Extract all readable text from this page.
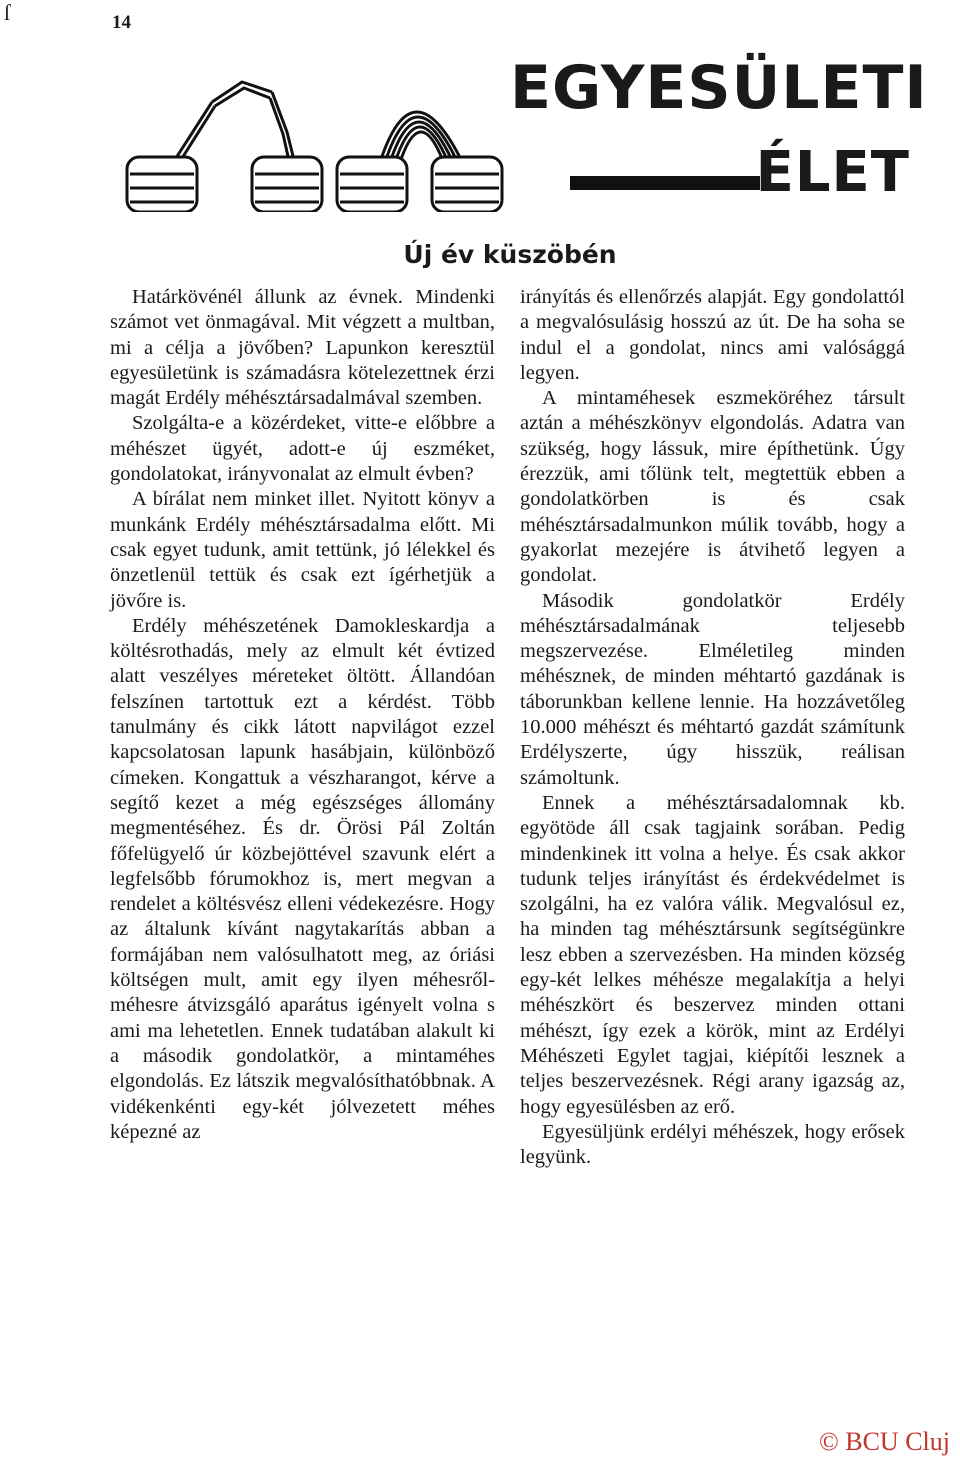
14
ſ
EGYESÜLETI
ÉLET
Új év küszöbén

Határkövénél állunk az évnek. Mindenki számot vet önmagával. Mit végzett a multban, mi a célja a jövőben? Lapunkon keresztül egyesületünk is számadásra kötelezettnek érzi magát Erdély méhésztársadalmával szemben.

Szolgálta-e a közérdeket, vitte-e előbbre a méhészet ügyét, adott-e új eszméket, gondolatokat, irányvonalat az elmult évben?

A bírálat nem minket illet. Nyitott könyv a munkánk Erdély méhésztársadalma előtt. Mi csak egyet tudunk, amit tettünk, jó lélekkel és önzetlenül tettük és csak ezt ígérhetjük a jövőre is.

Erdély méhészetének Damokleskardja a költésrothadás, mely az elmult két évtized alatt veszélyes méreteket öltött. Állandóan felszínen tartottuk ezt a kérdést. Több tanulmány és cikk látott napvilágot ezzel kapcsolatosan lapunk hasábjain, különböző címeken. Kongattuk a vészharangot, kérve a segítő kezet a még egészséges állomány megmentéséhez. És dr. Örösi Pál Zoltán főfelügyelő úr közbejöttével szavunk elért a legfelsőbb fórumokhoz is, mert megvan a rendelet a költésvész elleni védekezésre. Hogy az általunk kívánt nagytakarítás abban a formájában nem valósulhatott meg, az óriási költségen mult, amit egy ilyen méhesről-méhesre átvizsgáló aparátus igényelt volna s ami ma lehetetlen. Ennek tudatában alakult ki a második gondolatkör, a mintaméhes elgondolás. Ez látszik megvalósíthatóbbnak. A vidékenkénti egy-két jólvezetett méhes képezné az

irányítás és ellenőrzés alapját. Egy gondolattól a megvalósulásig hosszú az út. De ha soha se indul el a gondolat, nincs ami valósággá legyen.

A mintaméhesek eszmeköréhez társult aztán a méhészkönyv elgondolás. Adatra van szükség, hogy lássuk, mire építhetünk. Úgy érezzük, ami tőlünk telt, megtettük ebben a gondolatkörben is és csak méhésztársadalmunkon múlik tovább, hogy a gyakorlat mezejére is átvihető legyen a gondolat.

Második gondolatkör Erdély méhésztársadalmának teljesebb megszervezése. Elméletileg minden méhésznek, de minden méhtartó gazdának is táborunkban kellene lennie. Ha hozzávetőleg 10.000 méhészt és méhtartó gazdát számítunk Erdélyszerte, úgy hisszük, reálisan számoltunk.

Ennek a méhésztársadalomnak kb. egyötöde áll csak tagjaink sorában. Pedig mindenkinek itt volna a helye. És csak akkor tudunk teljes irányítást és érdekvédelmet is szolgálni, ha ez valóra válik. Megvalósul ez, ha minden tag méhésztársunk segítségünkre lesz ebben a szervezésben. Ha minden község egy-két lelkes méhésze megalakítja a helyi méhészkört és beszervez minden ottani méhészt, így ezek a körök, mint az Erdélyi Méhészeti Egylet tagjai, kiépítői lesznek a teljes beszervezésnek. Régi arany igazság az, hogy egyesülésben az erő.

Egyesüljünk erdélyi méhészek, hogy erősek legyünk.

© BCU Cluj
